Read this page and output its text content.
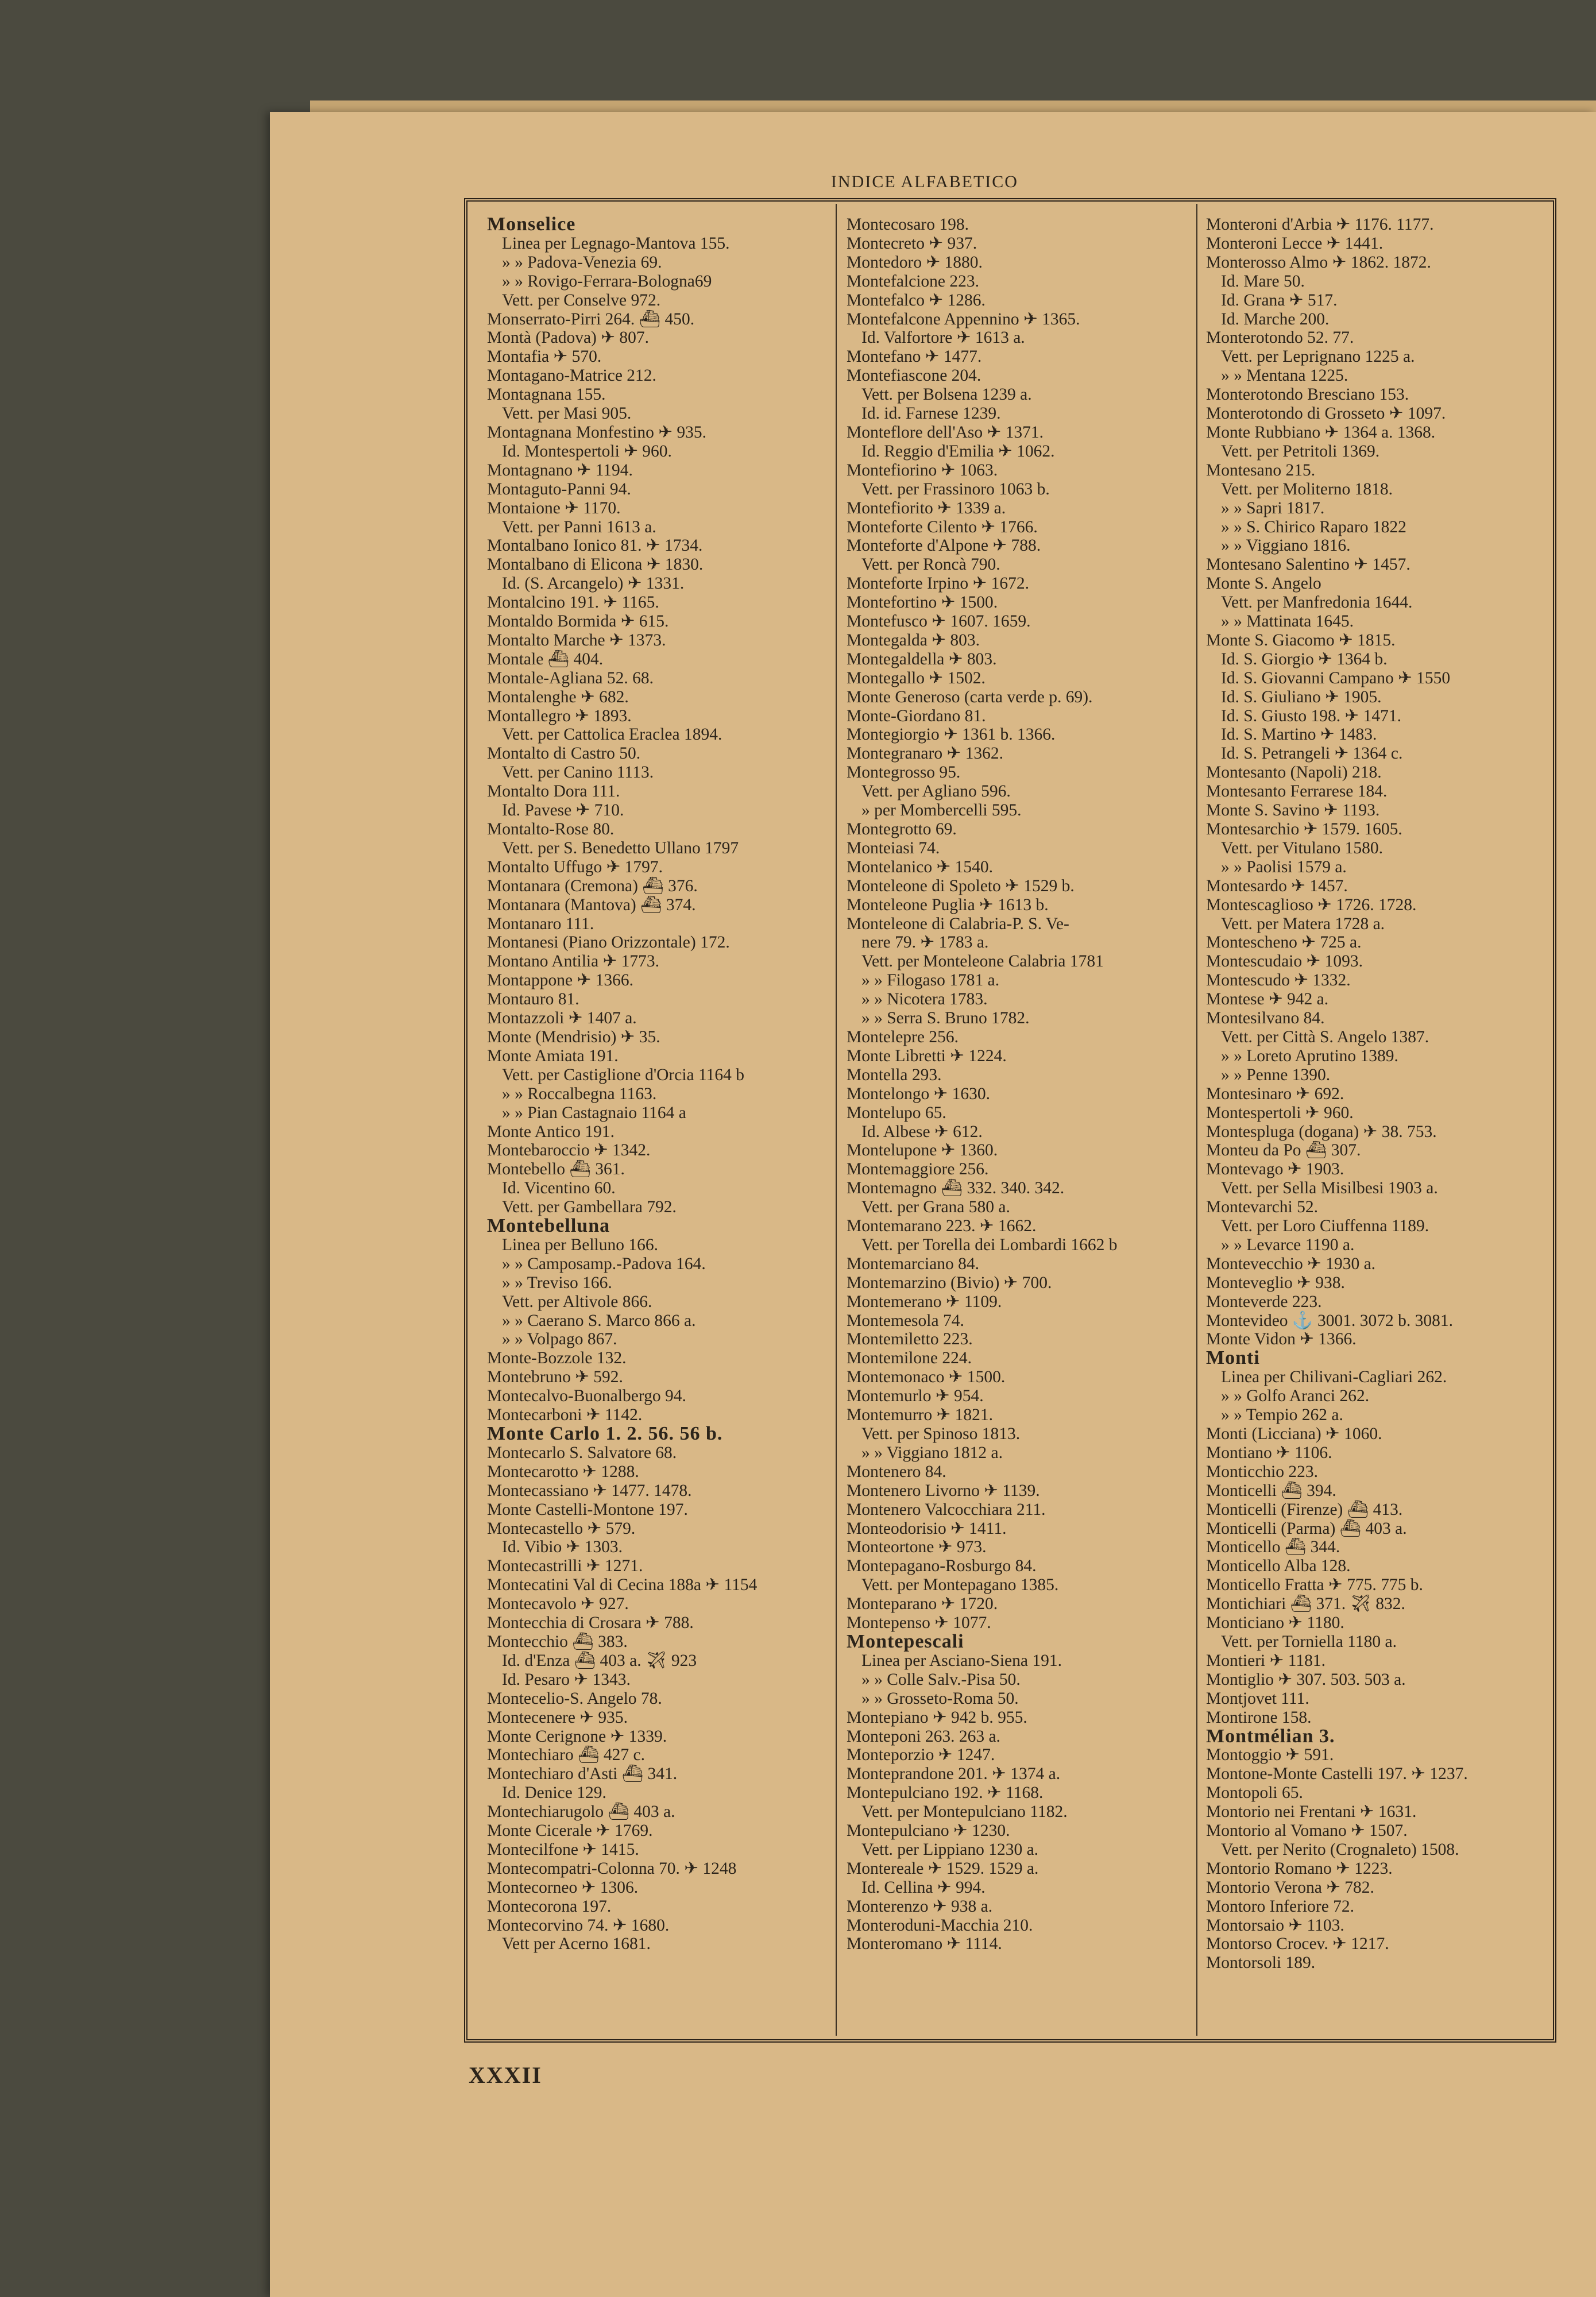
INDICE ALFABETICO
Monselice
Linea per Legnago-Mantova 155.
» » Padova-Venezia 69.
» » Rovigo-Ferrara-Bologna69
Vett. per Conselve 972.
Monserrato-Pirri 264. ⛴ 450.
Montà (Padova) ✈ 807.
Montafia ✈ 570.
Montagano-Matrice 212.
Montagnana 155.
Vett. per Masi 905.
Montagnana Monfestino ✈ 935.
Id. Montespertoli ✈ 960.
Montagnano ✈ 1194.
Montaguto-Panni 94.
Montaione ✈ 1170.
Vett. per Panni 1613 a.
Montalbano Ionico 81. ✈ 1734.
Montalbano di Elicona ✈ 1830.
Id. (S. Arcangelo) ✈ 1331.
Montalcino 191. ✈ 1165.
Montaldo Bormida ✈ 615.
Montalto Marche ✈ 1373.
Montale ⛴ 404.
Montale-Agliana 52. 68.
Montalenghe ✈ 682.
Montallegro ✈ 1893.
Vett. per Cattolica Eraclea 1894.
Montalto di Castro 50.
Vett. per Canino 1113.
Montalto Dora 111.
Id. Pavese ✈ 710.
Montalto-Rose 80.
Vett. per S. Benedetto Ullano 1797
Montalto Uffugo ✈ 1797.
Montanara (Cremona) ⛴ 376.
Montanara (Mantova) ⛴ 374.
Montanaro 111.
Montanesi (Piano Orizzontale) 172.
Montano Antilia ✈ 1773.
Montappone ✈ 1366.
Montauro 81.
Montazzoli ✈ 1407 a.
Monte (Mendrisio) ✈ 35.
Monte Amiata 191.
Vett. per Castiglione d'Orcia 1164 b
» » Roccalbegna 1163.
» » Pian Castagnaio 1164 a
Monte Antico 191.
Montebaroccio ✈ 1342.
Montebello ⛴ 361.
Id. Vicentino 60.
Vett. per Gambellara 792.
Montebelluna
Linea per Belluno 166.
» » Camposamp.-Padova 164.
» » Treviso 166.
Vett. per Altivole 866.
» » Caerano S. Marco 866 a.
» » Volpago 867.
Monte-Bozzole 132.
Montebruno ✈ 592.
Montecalvo-Buonalbergo 94.
Montecarboni ✈ 1142.
Monte Carlo 1. 2. 56. 56 b.
Montecarlo S. Salvatore 68.
Montecarotto ✈ 1288.
Montecassiano ✈ 1477. 1478.
Monte Castelli-Montone 197.
Montecastello ✈ 579.
Id. Vibio ✈ 1303.
Montecastrilli ✈ 1271.
Montecatini Val di Cecina 188a ✈ 1154
Montecavolo ✈ 927.
Montecchia di Crosara ✈ 788.
Montecchio ⛴ 383.
Id. d'Enza ⛴ 403 a. ✈ 923
Id. Pesaro ✈ 1343.
Montecelio-S. Angelo 78.
Montecenere ✈ 935.
Monte Cerignone ✈ 1339.
Montechiaro ⛴ 427 c.
Montechiaro d'Asti ⛴ 341.
Id. Denice 129.
Montechiarugolo ⛴ 403 a.
Monte Cicerale ✈ 1769.
Montecilfone ✈ 1415.
Montecompatri-Colonna 70. ✈ 1248
Montecorneo ✈ 1306.
Montecorona 197.
Montecorvino 74. ✈ 1680.
Vett per Acerno 1681.
Montecosaro 198.
Montecreto ✈ 937.
Montedoro ✈ 1880.
Montefalcione 223.
Montefalco ✈ 1286.
Montefalcone Appennino ✈ 1365.
Id. Valfortore ✈ 1613 a.
Montefano ✈ 1477.
Montefiascone 204.
Vett. per Bolsena 1239 a.
Id. id. Farnese 1239.
Monteflore dell'Aso ✈ 1371.
Id. Reggio d'Emilia ✈ 1062.
Montefiorino ✈ 1063.
Vett. per Frassinoro 1063 b.
Montefiorito ✈ 1339 a.
Monteforte Cilento ✈ 1766.
Monteforte d'Alpone ✈ 788.
Vett. per Roncà 790.
Monteforte Irpino ✈ 1672.
Montefortino ✈ 1500.
Montefusco ✈ 1607. 1659.
Montegalda ✈ 803.
Montegaldella ✈ 803.
Montegallo ✈ 1502.
Monte Generoso (carta verde p. 69).
Monte-Giordano 81.
Montegiorgio ✈ 1361 b. 1366.
Montegranaro ✈ 1362.
Montegrosso 95.
Vett. per Agliano 596.
» per Mombercelli 595.
Montegrotto 69.
Monteiasi 74.
Montelanico ✈ 1540.
Monteleone di Spoleto ✈ 1529 b.
Monteleone Puglia ✈ 1613 b.
Monteleone di Calabria-P. S. Ve-
nere 79. ✈ 1783 a.
Vett. per Monteleone Calabria 1781
» » Filogaso 1781 a.
» » Nicotera 1783.
» » Serra S. Bruno 1782.
Montelepre 256.
Monte Libretti ✈ 1224.
Montella 293.
Montelongo ✈ 1630.
Montelupo 65.
Id. Albese ✈ 612.
Montelupone ✈ 1360.
Montemaggiore 256.
Montemagno ⛴ 332. 340. 342.
Vett. per Grana 580 a.
Montemarano 223. ✈ 1662.
Vett. per Torella dei Lombardi 1662 b
Montemarciano 84.
Montemarzino (Bivio) ✈ 700.
Montemerano ✈ 1109.
Montemesola 74.
Montemiletto 223.
Montemilone 224.
Montemonaco ✈ 1500.
Montemurlo ✈ 954.
Montemurro ✈ 1821.
Vett. per Spinoso 1813.
» » Viggiano 1812 a.
Montenero 84.
Montenero Livorno ✈ 1139.
Montenero Valcocchiara 211.
Monteodorisio ✈ 1411.
Monteortone ✈ 973.
Montepagano-Rosburgo 84.
Vett. per Montepagano 1385.
Monteparano ✈ 1720.
Montepenso ✈ 1077.
Montepescali
Linea per Asciano-Siena 191.
» » Colle Salv.-Pisa 50.
» » Grosseto-Roma 50.
Montepiano ✈ 942 b. 955.
Monteponi 263. 263 a.
Monteporzio ✈ 1247.
Monteprandone 201. ✈ 1374 a.
Montepulciano 192. ✈ 1168.
Vett. per Montepulciano 1182.
Montepulciano ✈ 1230.
Vett. per Lippiano 1230 a.
Montereale ✈ 1529. 1529 a.
Id. Cellina ✈ 994.
Monterenzo ✈ 938 a.
Monteroduni-Macchia 210.
Monteromano ✈ 1114.
Monteroni d'Arbia ✈ 1176. 1177.
Monteroni Lecce ✈ 1441.
Monterosso Almo ✈ 1862. 1872.
Id. Mare 50.
Id. Grana ✈ 517.
Id. Marche 200.
Monterotondo 52. 77.
Vett. per Leprignano 1225 a.
» » Mentana 1225.
Monterotondo Bresciano 153.
Monterotondo di Grosseto ✈ 1097.
Monte Rubbiano ✈ 1364 a. 1368.
Vett. per Petritoli 1369.
Montesano 215.
Vett. per Moliterno 1818.
» » Sapri 1817.
» » S. Chirico Raparo 1822
» » Viggiano 1816.
Montesano Salentino ✈ 1457.
Monte S. Angelo
Vett. per Manfredonia 1644.
» » Mattinata 1645.
Monte S. Giacomo ✈ 1815.
Id. S. Giorgio ✈ 1364 b.
Id. S. Giovanni Campano ✈ 1550
Id. S. Giuliano ✈ 1905.
Id. S. Giusto 198. ✈ 1471.
Id. S. Martino ✈ 1483.
Id. S. Petrangeli ✈ 1364 c.
Montesanto (Napoli) 218.
Montesanto Ferrarese 184.
Monte S. Savino ✈ 1193.
Montesarchio ✈ 1579. 1605.
Vett. per Vitulano 1580.
» » Paolisi 1579 a.
Montesardo ✈ 1457.
Montescaglioso ✈ 1726. 1728.
Vett. per Matera 1728 a.
Montescheno ✈ 725 a.
Montescudaio ✈ 1093.
Montescudo ✈ 1332.
Montese ✈ 942 a.
Montesilvano 84.
Vett. per Città S. Angelo 1387.
» » Loreto Aprutino 1389.
» » Penne 1390.
Montesinaro ✈ 692.
Montespertoli ✈ 960.
Montespluga (dogana) ✈ 38. 753.
Monteu da Po ⛴ 307.
Montevago ✈ 1903.
Vett. per Sella Misilbesi 1903 a.
Montevarchi 52.
Vett. per Loro Ciuffenna 1189.
» » Levarce 1190 a.
Montevecchio ✈ 1930 a.
Monteveglio ✈ 938.
Monteverde 223.
Montevideo ⚓ 3001. 3072 b. 3081.
Monte Vidon ✈ 1366.
Monti
Linea per Chilivani-Cagliari 262.
» » Golfo Aranci 262.
» » Tempio 262 a.
Monti (Licciana) ✈ 1060.
Montiano ✈ 1106.
Monticchio 223.
Monticelli ⛴ 394.
Monticelli (Firenze) ⛴ 413.
Monticelli (Parma) ⛴ 403 a.
Monticello ⛴ 344.
Monticello Alba 128.
Monticello Fratta ✈ 775. 775 b.
Montichiari ⛴ 371. ✈ 832.
Monticiano ✈ 1180.
Vett. per Torniella 1180 a.
Montieri ✈ 1181.
Montiglio ✈ 307. 503. 503 a.
Montjovet 111.
Montirone 158.
Montmélian 3.
Montoggio ✈ 591.
Montone-Monte Castelli 197. ✈ 1237.
Montopoli 65.
Montorio nei Frentani ✈ 1631.
Montorio al Vomano ✈ 1507.
Vett. per Nerito (Crognaleto) 1508.
Montorio Romano ✈ 1223.
Montorio Verona ✈ 782.
Montoro Inferiore 72.
Montorsaio ✈ 1103.
Montorso Crocev. ✈ 1217.
Montorsoli 189.
XXXII
